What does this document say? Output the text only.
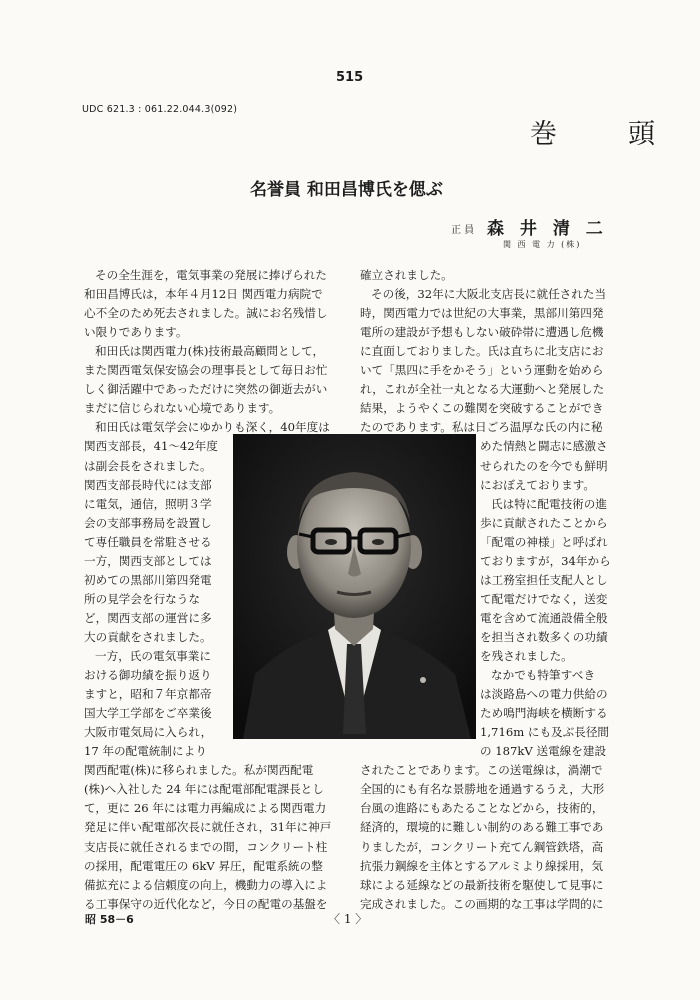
515
UDC 621.3 : 061.22.044.3(092)
巻　頭
名誉員 和田昌博氏を偲ぶ
正 員 森 井 清 二
関 西 電 力 (株)
その全生涯を，電気事業の発展に捧げられた
和田昌博氏は，本年４月12日 関西電力病院で
心不全のため死去されました。誠にお名残惜し
い限りであります。
和田氏は関西電力(株)技術最高顧問として，
また関西電気保安協会の理事長として毎日お忙
しく御活躍中であっただけに突然の御逝去がい
まだに信じられない心境であります。
和田氏は電気学会にゆかりも深く，40年度は
関西支部長，41〜42年度
は副会長をされました。
関西支部長時代には支部
に電気，通信，照明３学
会の支部事務局を設置し
て専任職員を常駐させる
一方，関西支部としては
初めての黒部川第四発電
所の見学会を行なうな
ど，関西支部の運営に多
大の貢献をされました。
一方，氏の電気事業に
おける御功績を振り返り
ますと，昭和７年京都帝
国大学工学部をご卒業後
大阪市電気局に入られ，
17 年の配電統制により
関西配電(株)に移られました。私が関西配電
(株)へ入社した 24 年には配電部配電課長とし
て，更に 26 年には電力再編成による関西電力
発足に伴い配電部次長に就任され，31年に神戸
支店長に就任されるまでの間，コンクリート柱
の採用，配電電圧の 6kV 昇圧，配電系統の整
備拡充による信頼度の向上，機動力の導入によ
る工事保守の近代化など，今日の配電の基盤を
確立されました。
その後，32年に大阪北支店長に就任された当
時，関西電力では世紀の大事業，黒部川第四発
電所の建設が予想もしない破砕帯に遭遇し危機
に直面しておりました。氏は直ちに北支店にお
いて「黒四に手をかそう」という運動を始めら
れ，これが全社一丸となる大運動へと発展した
結果，ようやくこの難関を突破することができ
たのであります。私は日ごろ温厚な氏の内に秘
めた情熱と闘志に感激さ
せられたのを今でも鮮明
におぼえております。
氏は特に配電技術の進
歩に貢献されたことから
「配電の神様」と呼ばれ
ておりますが，34年から
は工務室担任支配人とし
て配電だけでなく，送変
電を含めて流通設備全般
を担当され数多くの功績
を残されました。
なかでも特筆すべき
は淡路島への電力供給の
ため鳴門海峡を横断する
1,716m にも及ぶ長径間
の 187kV 送電線を建設
されたことであります。この送電線は，渦潮で
全国的にも有名な景勝地を通過するうえ，大形
台風の進路にもあたることなどから，技術的，
経済的，環境的に難しい制約のある難工事であ
りましたが，コンクリート充てん鋼管鉄塔，高
抗張力鋼線を主体とするアルミより線採用，気
球による延線などの最新技術を駆使して見事に
完成されました。この画期的な工事は学問的に
昭 58－6	〈 1 〉
